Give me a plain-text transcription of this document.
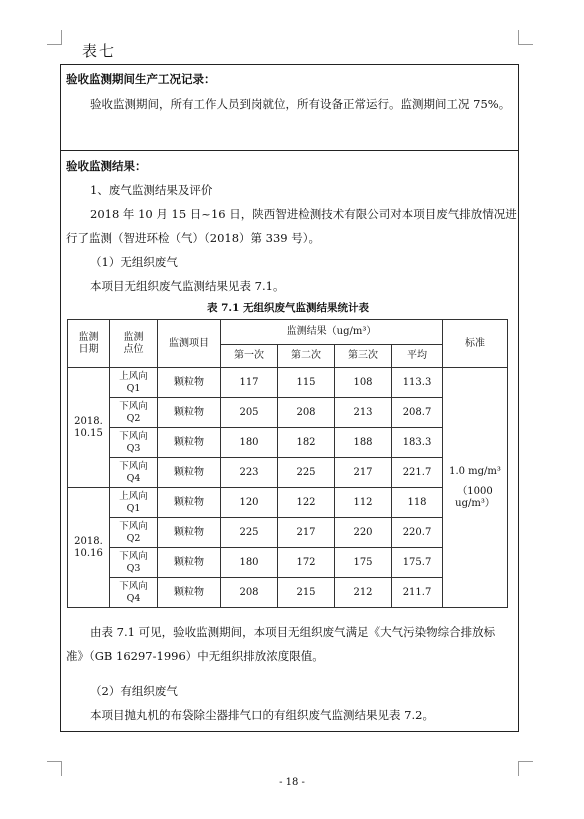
表七
验收监测期间生产工况记录：
验收监测期间，所有工作人员到岗就位，所有设备正常运行。监测期间工况 75%。
验收监测结果：
1、废气监测结果及评价
2018 年 10 月 15 日~16 日，陕西智进检测技术有限公司对本项目废气排放情况进
行了监测（智进环检（气）（2018）第 339 号）。
（1）无组织废气
本项目无组织废气监测结果见表 7.1。
表 7.1 无组织废气监测结果统计表
监测
日期	监测
点位	监测项目	监测结果（ug/m³）				标准
			第一次	第二次	第三次	平均	

2018.
10.15	上风向
Q1	颗粒物	117	115	108	113.3	1.0 mg/m³
（1000
ug/m³）

	下风向
Q2	颗粒物	205	208	213	208.7	

	下风向
Q3	颗粒物	180	182	188	183.3	

	下风向
Q4	颗粒物	223	225	217	221.7	

2018.
10.16	上风向
Q1	颗粒物	120	122	112	118	

	下风向
Q2	颗粒物	225	217	220	220.7	

	下风向
Q3	颗粒物	180	172	175	175.7	

	下风向
Q4	颗粒物	208	215	212	211.7	
由表 7.1 可见，验收监测期间，本项目无组织废气满足《大气污染物综合排放标
准》（GB 16297-1996）中无组织排放浓度限值。
（2）有组织废气
本项目抛丸机的布袋除尘器排气口的有组织废气监测结果见表 7.2。
- 18 -
